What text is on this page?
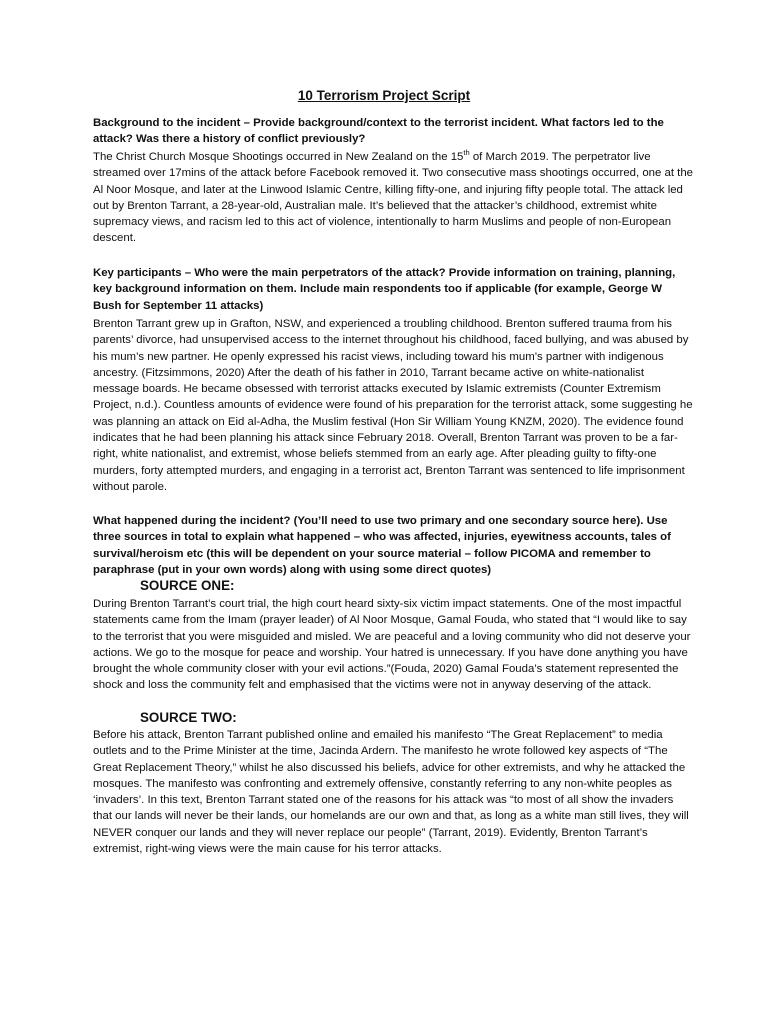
10 Terrorism Project Script

Background to the incident – Provide background/context to the terrorist incident. What factors led to the attack? Was there a history of conflict previously?

The Christ Church Mosque Shootings occurred in New Zealand on the 15th of March 2019. The perpetrator live streamed over 17mins of the attack before Facebook removed it. Two consecutive mass shootings occurred, one at the Al Noor Mosque, and later at the Linwood Islamic Centre, killing fifty-one, and injuring fifty people total. The attack led out by Brenton Tarrant, a 28-year-old, Australian male. It’s believed that the attacker’s childhood, extremist white supremacy views, and racism led to this act of violence, intentionally to harm Muslims and people of non-European descent.

Key participants – Who were the main perpetrators of the attack? Provide information on training, planning, key background information on them. Include main respondents too if applicable (for example, George W Bush for September 11 attacks)

Brenton Tarrant grew up in Grafton, NSW, and experienced a troubling childhood. Brenton suffered trauma from his parents’ divorce, had unsupervised access to the internet throughout his childhood, faced bullying, and was abused by his mum’s new partner. He openly expressed his racist views, including toward his mum’s partner with indigenous ancestry. (Fitzsimmons, 2020) After the death of his father in 2010, Tarrant became active on white-nationalist message boards. He became obsessed with terrorist attacks executed by Islamic extremists (Counter Extremism Project, n.d.). Countless amounts of evidence were found of his preparation for the terrorist attack, some suggesting he was planning an attack on Eid al-Adha, the Muslim festival (Hon Sir William Young KNZM, 2020). The evidence found indicates that he had been planning his attack since February 2018. Overall, Brenton Tarrant was proven to be a far-right, white nationalist, and extremist, whose beliefs stemmed from an early age. After pleading guilty to fifty-one murders, forty attempted murders, and engaging in a terrorist act, Brenton Tarrant was sentenced to life imprisonment without parole.

What happened during the incident? (You’ll need to use two primary and one secondary source here). Use three sources in total to explain what happened – who was affected, injuries, eyewitness accounts, tales of survival/heroism etc (this will be dependent on your source material – follow PICOMA and remember to paraphrase (put in your own words) along with using some direct quotes)

SOURCE ONE:

During Brenton Tarrant’s court trial, the high court heard sixty-six victim impact statements. One of the most impactful statements came from the Imam (prayer leader) of Al Noor Mosque, Gamal Fouda, who stated that “I would like to say to the terrorist that you were misguided and misled. We are peaceful and a loving community who did not deserve your actions. We go to the mosque for peace and worship. Your hatred is unnecessary. If you have done anything you have brought the whole community closer with your evil actions.”(Fouda, 2020) Gamal Fouda’s statement represented the shock and loss the community felt and emphasised that the victims were not in anyway deserving of the attack.

SOURCE TWO:

Before his attack, Brenton Tarrant published online and emailed his manifesto “The Great Replacement” to media outlets and to the Prime Minister at the time, Jacinda Ardern. The manifesto he wrote followed key aspects of “The Great Replacement Theory,” whilst he also discussed his beliefs, advice for other extremists, and why he attacked the mosques. The manifesto was confronting and extremely offensive, constantly referring to any non-white peoples as ‘invaders’. In this text, Brenton Tarrant stated one of the reasons for his attack was “to most of all show the invaders that our lands will never be their lands, our homelands are our own and that, as long as a white man still lives, they will NEVER conquer our lands and they will never replace our people” (Tarrant, 2019). Evidently, Brenton Tarrant’s extremist, right-wing views were the main cause for his terror attacks.
